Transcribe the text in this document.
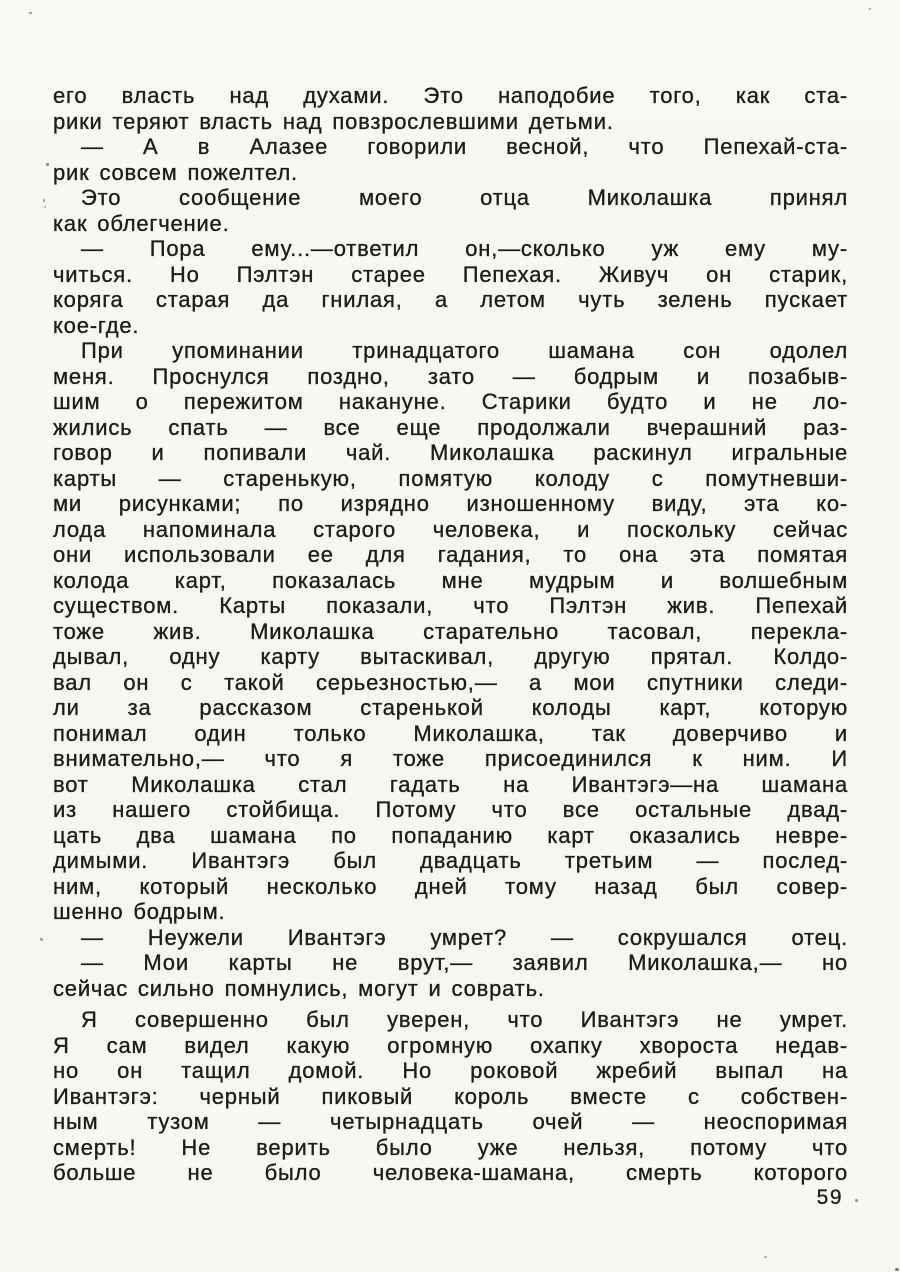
его власть над духами. Это наподобие того, как ста-
рики теряют власть над повзрослевшими детьми.
— А в Алазее говорили весной, что Пепехай-ста-
рик совсем пожелтел.
Это сообщение моего отца Миколашка принял
как облегчение.
— Пора ему...—ответил он,—сколько уж ему му-
читься. Но Пэлтэн старее Пепехая. Живуч он старик,
коряга старая да гнилая, а летом чуть зелень пускает
кое-где.
При упоминании тринадцатого шамана сон одолел
меня. Проснулся поздно, зато — бодрым и позабыв-
шим о пережитом накануне. Старики будто и не ло-
жились спать — все еще продолжали вчерашний раз-
говор и попивали чай. Миколашка раскинул игральные
карты — старенькую, помятую колоду с помутневши-
ми рисунками; по изрядно изношенному виду, эта ко-
лода напоминала старого человека, и поскольку сейчас
они использовали ее для гадания, то она эта помятая
колода карт, показалась мне мудрым и волшебным
существом. Карты показали, что Пэлтэн жив. Пепехай
тоже жив. Миколашка старательно тасовал, перекла-
дывал, одну карту вытаскивал, другую прятал. Колдо-
вал он с такой серьезностью,— а мои спутники следи-
ли за рассказом старенькой колоды карт, которую
понимал один только Миколашка, так доверчиво и
внимательно,— что я тоже присоединился к ним. И
вот Миколашка стал гадать на Ивантэгэ—на шамана
из нашего стойбища. Потому что все остальные двад-
цать два шамана по попаданию карт оказались невре-
димыми. Ивантэгэ был двадцать третьим — послед-
ним, который несколько дней тому назад был совер-
шенно бодрым.
— Неужели Ивантэгэ умрет? — сокрушался отец.
— Мои карты не врут,— заявил Миколашка,— но
сейчас сильно помнулись, могут и соврать.
Я совершенно был уверен, что Ивантэгэ не умрет.
Я сам видел какую огромную охапку хвороста недав-
но он тащил домой. Но роковой жребий выпал на
Ивантэгэ: черный пиковый король вместе с собствен-
ным тузом — четырнадцать очей — неоспоримая
смерть! Не верить было уже нельзя, потому что
больше не было человека-шамана, смерть которого
59
